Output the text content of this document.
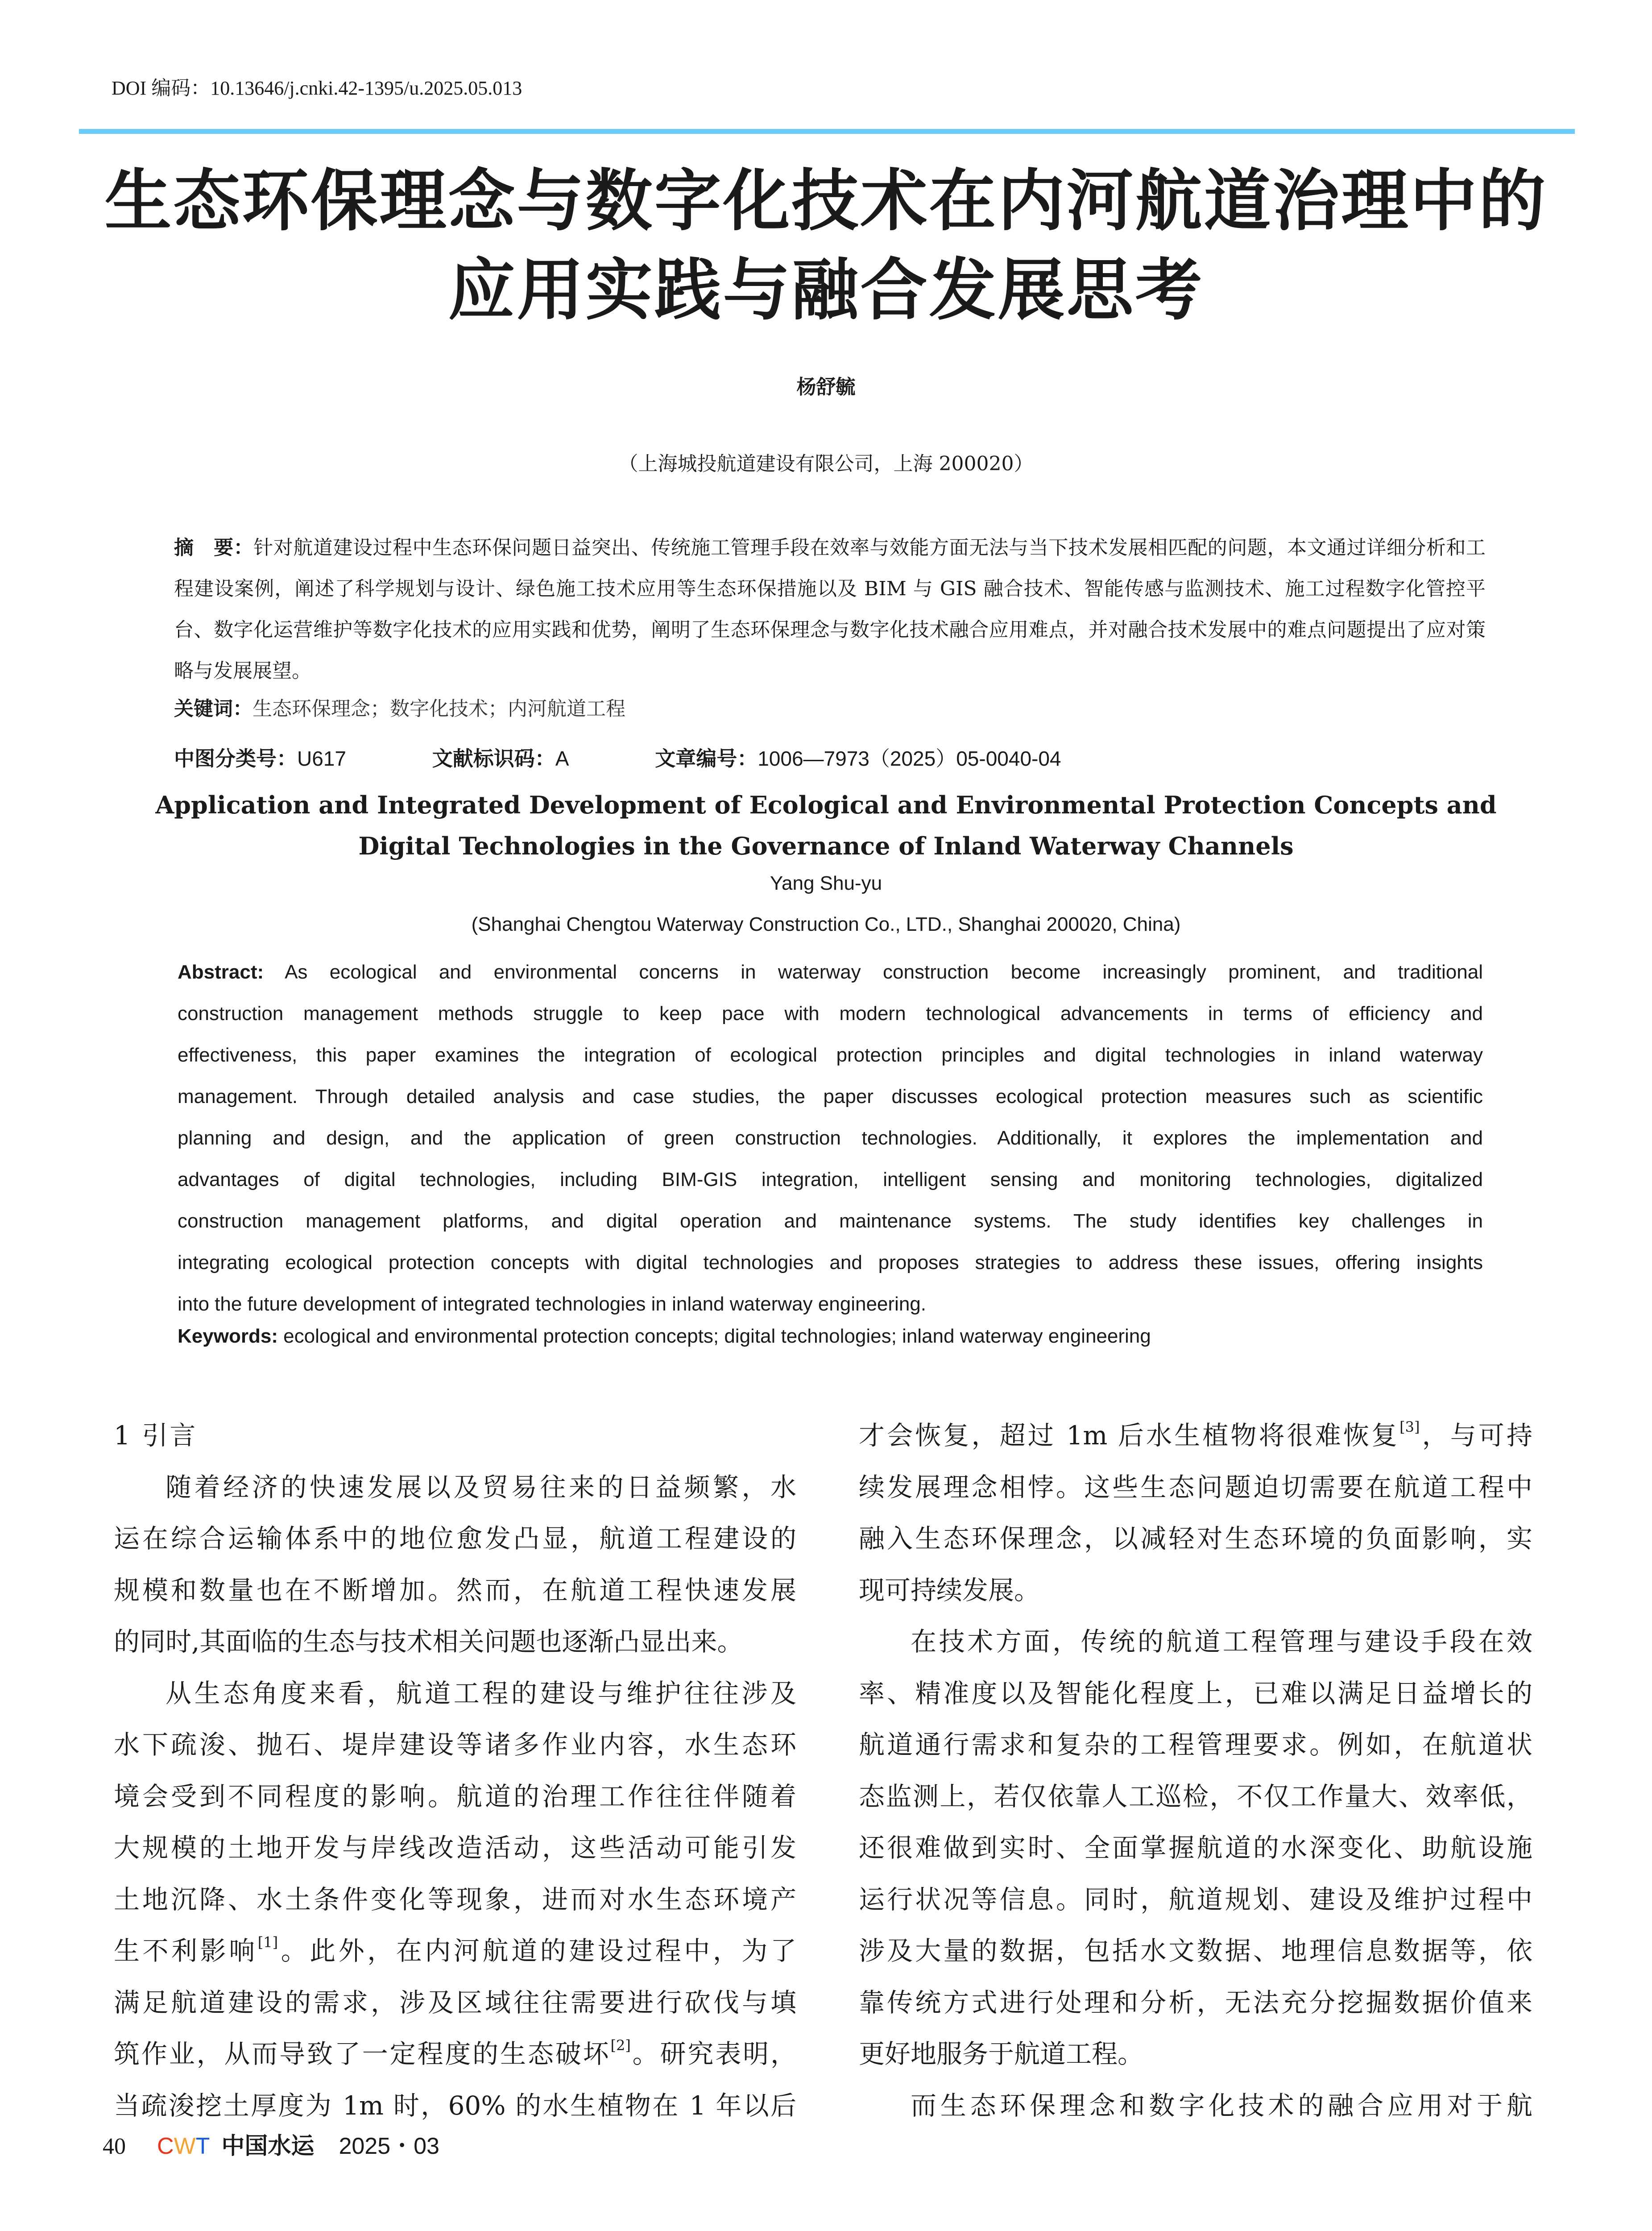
DOI 编码：10.13646/j.cnki.42-1395/u.2025.05.013
生态环保理念与数字化技术在内河航道治理中的
应用实践与融合发展思考
杨舒毓
（上海城投航道建设有限公司，上海 200020）
摘　要：针对航道建设过程中生态环保问题日益突出、传统施工管理手段在效率与效能方面无法与当下技术发展相匹配的问题，本文通过详细分析和工程建设案例，阐述了科学规划与设计、绿色施工技术应用等生态环保措施以及 BIM 与 GIS 融合技术、智能传感与监测技术、施工过程数字化管控平台、数字化运营维护等数字化技术的应用实践和优势，阐明了生态环保理念与数字化技术融合应用难点，并对融合技术发展中的难点问题提出了应对策略与发展展望。
关键词：生态环保理念；数字化技术；内河航道工程
中图分类号：U617	文献标识码：A	文章编号：1006—7973（2025）05-0040-04
Application and Integrated Development of Ecological and Environmental Protection Concepts and
Digital Technologies in the Governance of Inland Waterway Channels
Yang Shu-yu
(Shanghai Chengtou Waterway Construction Co., LTD., Shanghai 200020, China)
Abstract: As ecological and environmental concerns in waterway construction become increasingly prominent, and traditional
construction management methods struggle to keep pace with modern technological advancements in terms of efficiency and
effectiveness, this paper examines the integration of ecological protection principles and digital technologies in inland waterway
management. Through detailed analysis and case studies, the paper discusses ecological protection measures such as scientific
planning and design, and the application of green construction technologies. Additionally, it explores the implementation and
advantages of digital technologies, including BIM-GIS integration, intelligent sensing and monitoring technologies, digitalized
construction management platforms, and digital operation and maintenance systems. The study identifies key challenges in
integrating ecological protection concepts with digital technologies and proposes strategies to address these issues, offering insights
into the future development of integrated technologies in inland waterway engineering.
Keywords: ecological and environmental protection concepts; digital technologies; inland waterway engineering
1 引言
随着经济的快速发展以及贸易往来的日益频繁，水
运在综合运输体系中的地位愈发凸显，航道工程建设的
规模和数量也在不断增加。然而，在航道工程快速发展
的同时,其面临的生态与技术相关问题也逐渐凸显出来。
从生态角度来看，航道工程的建设与维护往往涉及
水下疏浚、抛石、堤岸建设等诸多作业内容，水生态环
境会受到不同程度的影响。航道的治理工作往往伴随着
大规模的土地开发与岸线改造活动，这些活动可能引发
土地沉降、水土条件变化等现象，进而对水生态环境产
生不利影响[1]。此外，在内河航道的建设过程中，为了
满足航道建设的需求，涉及区域往往需要进行砍伐与填
筑作业，从而导致了一定程度的生态破坏[2]。研究表明，
当疏浚挖土厚度为 1m 时，60% 的水生植物在 1 年以后
才会恢复，超过 1m 后水生植物将很难恢复[3]，与可持
续发展理念相悖。这些生态问题迫切需要在航道工程中
融入生态环保理念，以减轻对生态环境的负面影响，实
现可持续发展。
在技术方面，传统的航道工程管理与建设手段在效
率、精准度以及智能化程度上，已难以满足日益增长的
航道通行需求和复杂的工程管理要求。例如，在航道状
态监测上，若仅依靠人工巡检，不仅工作量大、效率低，
还很难做到实时、全面掌握航道的水深变化、助航设施
运行状况等信息。同时，航道规划、建设及维护过程中
涉及大量的数据，包括水文数据、地理信息数据等，依
靠传统方式进行处理和分析，无法充分挖掘数据价值来
更好地服务于航道工程。
而生态环保理念和数字化技术的融合应用对于航
40 CWT 中国水运 2025・03
